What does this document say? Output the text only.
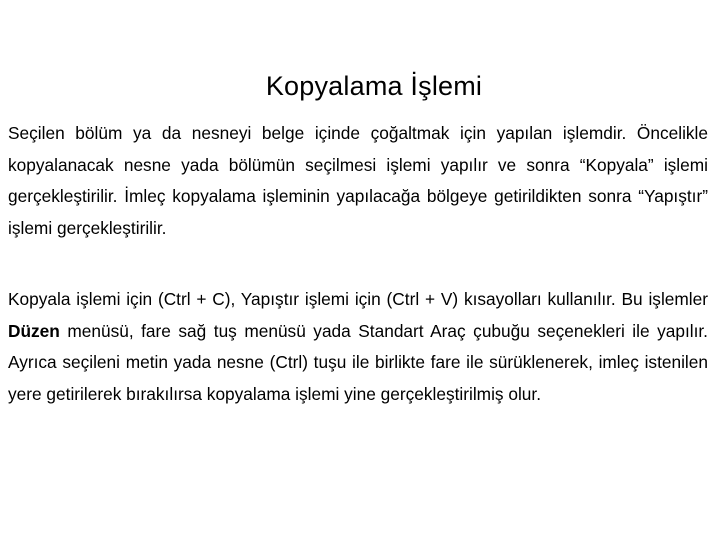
Kopyalama İşlemi

Seçilen bölüm ya da nesneyi belge içinde çoğaltmak için yapılan işlemdir. Öncelikle kopyalanacak nesne yada bölümün seçilmesi işlemi yapılır ve sonra “Kopyala” işlemi gerçekleştirilir. İmleç kopyalama işleminin yapılacağa bölgeye getirildikten sonra “Yapıştır” işlemi gerçekleştirilir.

Kopyala işlemi için (Ctrl + C), Yapıştır işlemi için (Ctrl + V) kısayolları kullanılır. Bu işlemler Düzen menüsü, fare sağ tuş menüsü yada Standart Araç çubuğu seçenekleri ile yapılır. Ayrıca seçileni metin yada nesne (Ctrl) tuşu ile birlikte fare ile sürüklenerek, imleç istenilen yere getirilerek bırakılırsa kopyalama işlemi yine gerçekleştirilmiş olur.
